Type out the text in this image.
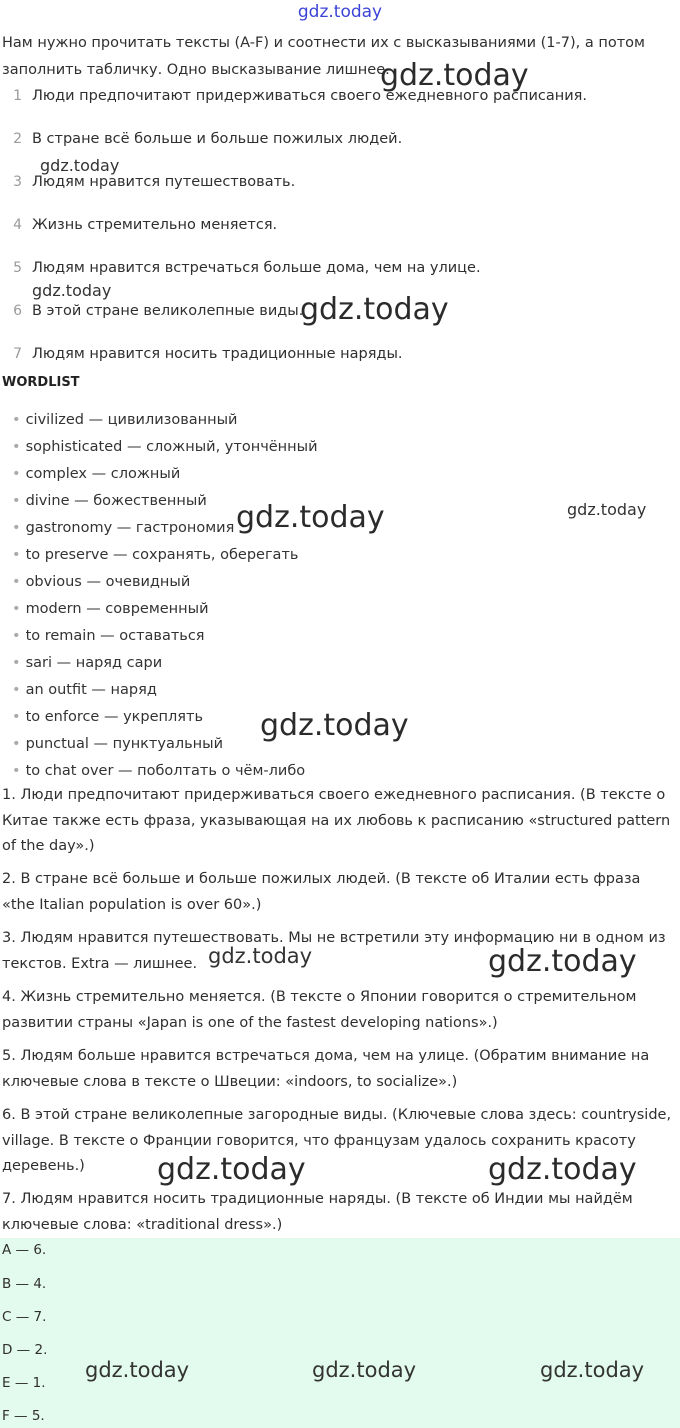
gdz.today
Нам нужно прочитать тексты (A-F) и соотнести их с высказываниями (1-7), а потом заполнить табличку. Одно высказывание лишнее.
1 Люди предпочитают придерживаться своего ежедневного расписания.
2 В стране всё больше и больше пожилых людей.
3 Людям нравится путешествовать.
4 Жизнь стремительно меняется.
5 Людям нравится встречаться больше дома, чем на улице.
6 В этой стране великолепные виды.
7 Людям нравится носить традиционные наряды.
WORDLIST
• civilized — цивилизованный
• sophisticated — сложный, утончённый
• complex — сложный
• divine — божественный
• gastronomy — гастрономия
• to preserve — сохранять, оберегать
• obvious — очевидный
• modern — современный
• to remain — оставаться
• sari — наряд сари
• an outfit — наряд
• to enforce — укреплять
• punctual — пунктуальный
• to chat over — поболтать о чём-либо
1. Люди предпочитают придерживаться своего ежедневного расписания. (В тексте о Китае также есть фраза, указывающая на их любовь к расписанию «structured pattern of the day».)
2. В стране всё больше и больше пожилых людей. (В тексте об Италии есть фраза «the Italian population is over 60».)
3. Людям нравится путешествовать. Мы не встретили эту информацию ни в одном из текстов. Extra — лишнее.
4. Жизнь стремительно меняется. (В тексте о Японии говорится о стремительном развитии страны «Japan is one of the fastest developing nations».)
5. Людям больше нравится встречаться дома, чем на улице. (Обратим внимание на ключевые слова в тексте о Швеции: «indoors, to socialize».)
6. В этой стране великолепные загородные виды. (Ключевые слова здесь: countryside, village. В тексте о Франции говорится, что французам удалось сохранить красоту деревень.)
7. Людям нравится носить традиционные наряды. (В тексте об Индии мы найдём ключевые слова: «traditional dress».)
A — 6.
B — 4.
C — 7.
D — 2.
E — 1.
F — 5.
gdz.today
gdz.today
gdz.today
gdz.today
gdz.today	gdz.today
gdz.today
gdz.today	gdz.today
gdz.today	gdz.today
gdz.today	gdz.today	gdz.today
